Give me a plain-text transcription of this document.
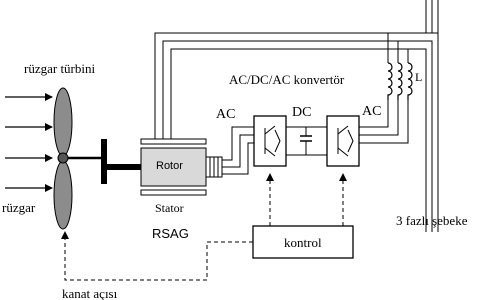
rüzgar türbini
rüzgar
Rotor
Stator
RSAG
AC/DC/AC konvertör
AC	DC	AC
L
3 fazlı şebeke
kontrol
kanat açısı
